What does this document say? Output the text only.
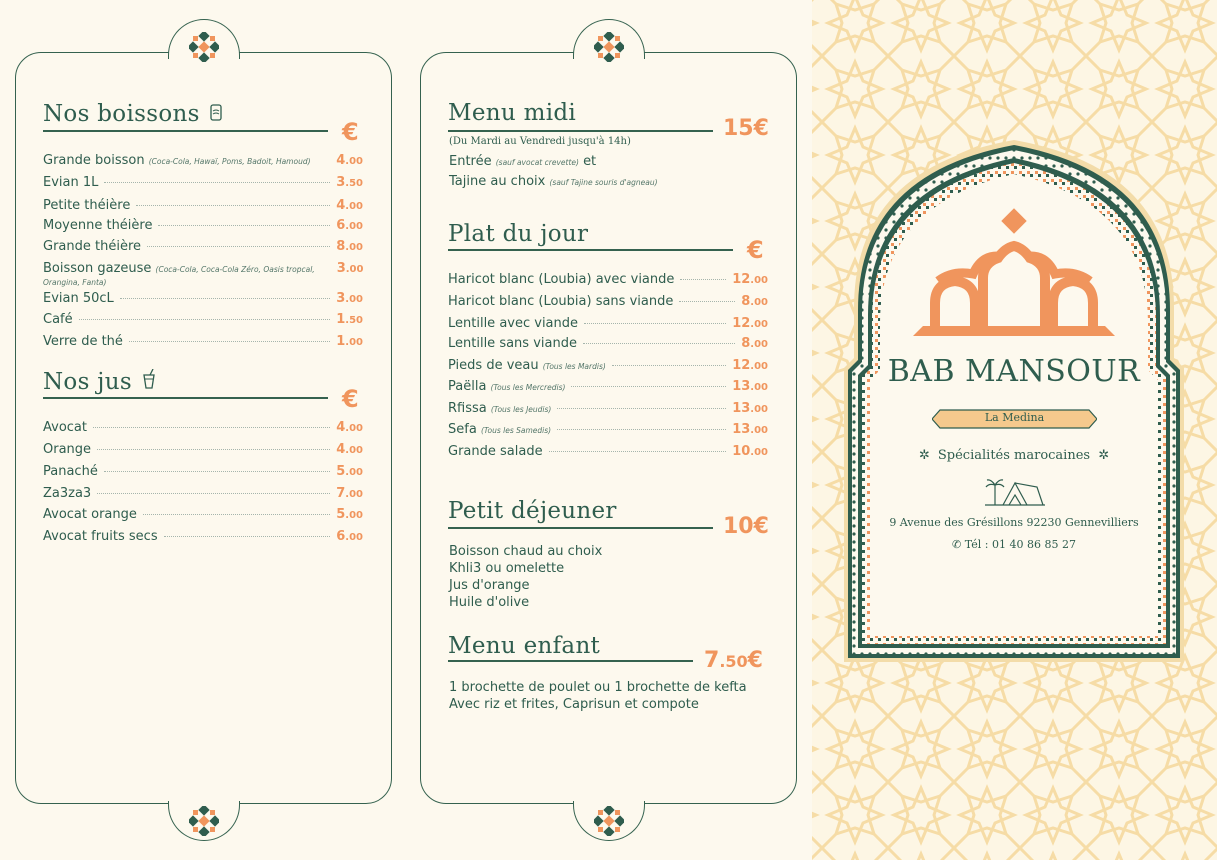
Nos boissons
€
Grande boisson (Coca-Cola, Hawaï, Poms, Badoit, Hamoud) 4.00
Evian 1L	3.50
Petite théière	4.00
Moyenne théière	6.00
Grande théière	8.00
Boisson gazeuse (Coca-Cola, Coca-Cola Zéro, Oasis tropcal, 3.00
Orangina, Fanta)
Evian 50cL	3.00
Café	1.50
Verre de thé	1.00
Nos jus
€
Avocat	4.00
Orange	4.00
Panaché	5.00
Za3za3	7.00
Avocat orange	5.00
Avocat fruits secs	6.00
Menu midi
15€
(Du Mardi au Vendredi jusqu'à 14h)
Entrée (sauf avocat crevette) et
Tajine au choix (sauf Tajine souris d'agneau)
Plat du jour
€
Haricot blanc (Loubia) avec viande	12.00
Haricot blanc (Loubia) sans viande	8.00
Lentille avec viande	12.00
Lentille sans viande	8.00
Pieds de veau (Tous les Mardis)	12.00
Paëlla (Tous les Mercredis)	13.00
Rfissa (Tous les Jeudis)	13.00
Sefa (Tous les Samedis)	13.00
Grande salade	10.00
Petit déjeuner
10€
Boisson chaud au choix
Khli3 ou omelette
Jus d'orange
Huile d'olive
Menu enfant
7.50€
1 brochette de poulet ou 1 brochette de kefta
Avec riz et frites, Caprisun et compote
BAB MANSOUR
La Medina
✲ Spécialités marocaines ✲
9 Avenue des Grésillons 92230 Gennevilliers
✆ Tél : 01 40 86 85 27
